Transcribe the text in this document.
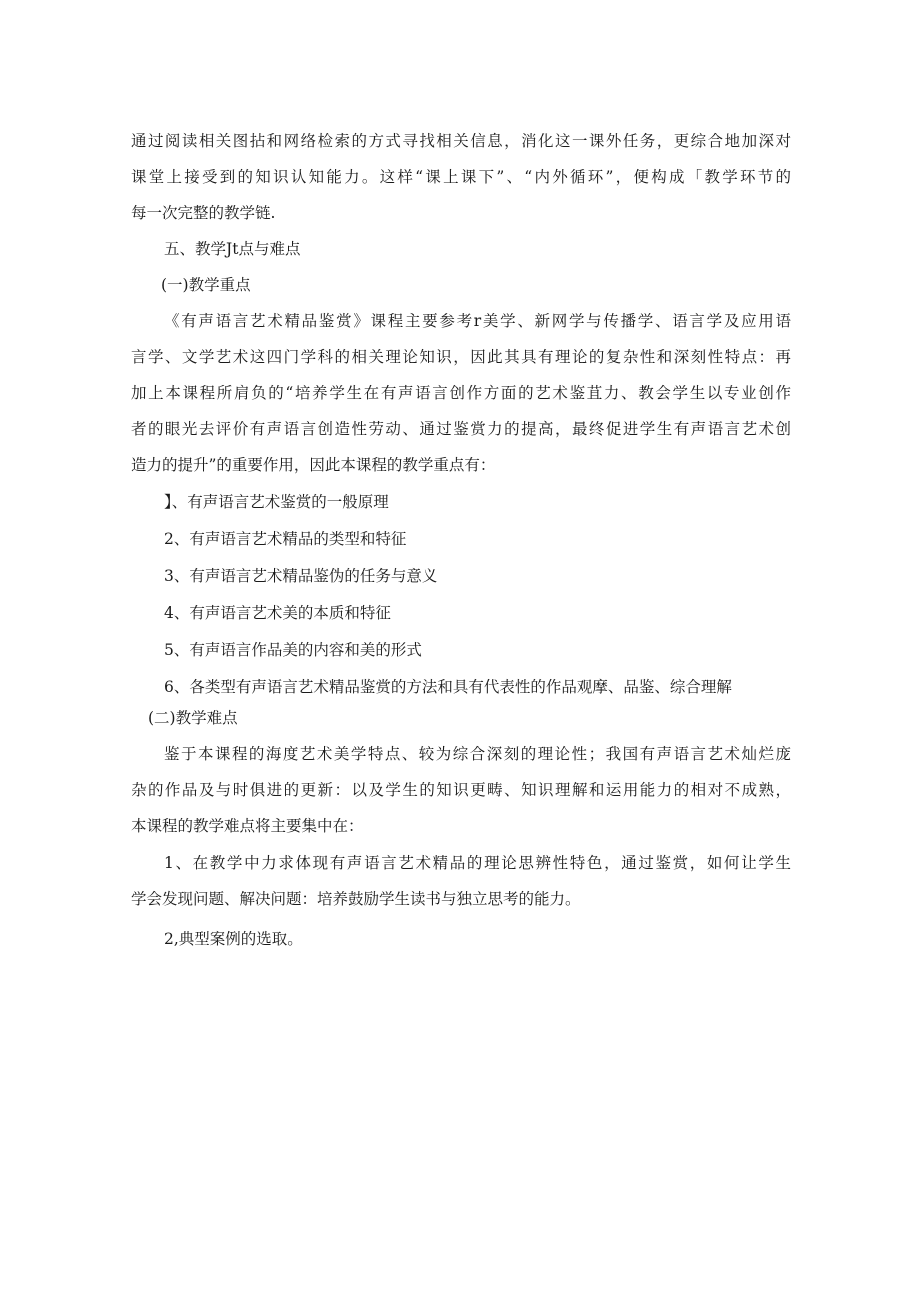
通过阅读相关图拈和网络检索的方式寻找相关信息，消化这一课外任务，更综合地加深对
课堂上接受到的知识认知能力。这样“课上课下”、“内外循环”，便构成「教学环节的
每一次完整的教学链.
五、教学Jt点与难点
(一)教学重点
《有声语言艺术精品鉴赏》课程主要参考r美学、新网学与传播学、语言学及应用语
言学、文学艺术这四门学科的相关理论知识，因此其具有理论的复杂性和深刻性特点：再
加上本课程所肩负的“培养学生在有声语言创作方面的艺术鉴苴力、教会学生以专业创作
者的眼光去评价有声语言创造性劳动、通过鉴赏力的提高，最终促进学生有声语言艺术创
造力的提升”的重要作用，因此本课程的教学重点有：
】、有声语言艺术鉴赏的一般原理
2、有声语言艺术精品的类型和特征
3、有声语言艺术精品鉴伪的任务与意义
4、有声语言艺术美的本质和特征
5、有声语言作品美的内容和美的形式
6、各类型有声语言艺术精品鉴赏的方法和具有代表性的作品观摩、品鉴、综合理解
(二)教学难点
鉴于本课程的海度艺术美学特点、较为综合深刻的理论性；我国有声语言艺术灿烂庞
杂的作品及与时俱进的更新：以及学生的知识更畴、知识理解和运用能力的相对不成熟，
本课程的教学难点将主要集中在：
1、在教学中力求体现有声语言艺术精品的理论思辨性特色，通过鉴赏，如何让学生
学会发现问题、解决问题：培养鼓励学生读书与独立思考的能力。
2,典型案例的选取。
